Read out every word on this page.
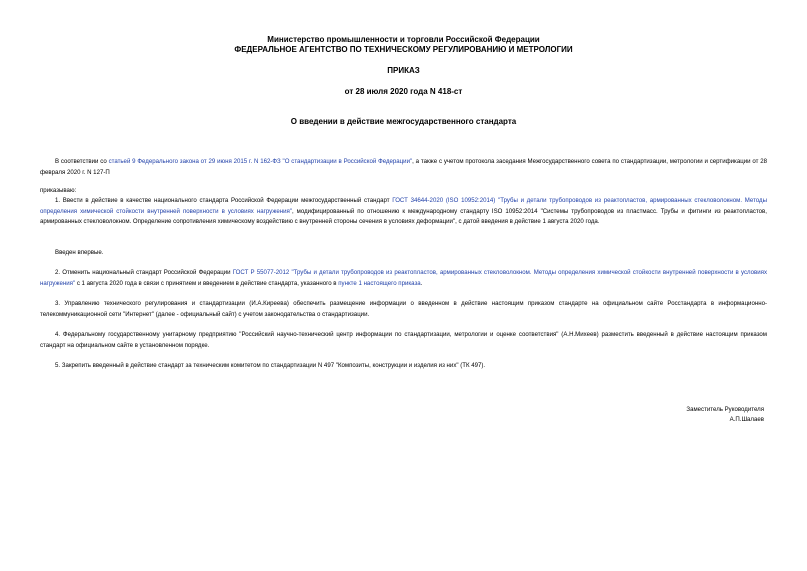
Министерство промышленности и торговли Российской Федерации
ФЕДЕРАЛЬНОЕ АГЕНТСТВО ПО ТЕХНИЧЕСКОМУ РЕГУЛИРОВАНИЮ И МЕТРОЛОГИИ
ПРИКАЗ
от 28 июля 2020 года N 418-ст
О введении в действие межгосударственного стандарта
В соответствии со статьей 9 Федерального закона от 29 июня 2015 г. N 162-ФЗ "О стандартизации в Российской Федерации", а также с учетом протокола заседания Межгосударственного совета по стандартизации, метрологии и сертификации от 28 февраля 2020 г. N 127-П
приказываю:
1. Ввести в действие в качестве национального стандарта Российской Федерации межгосударственный стандарт ГОСТ 34644-2020 (ISO 10952:2014) "Трубы и детали трубопроводов из реактопластов, армированных стекловолокном. Методы определения химической стойкости внутренней поверхности в условиях нагружения", модифицированный по отношению к международному стандарту ISO 10952:2014 "Системы трубопроводов из пластмасс. Трубы и фитинги из реактопластов, армированных стекловолокном. Определение сопротивления химическому воздействию с внутренней стороны сечения в условиях деформации", с датой введения в действие 1 августа 2020 года.
Введен впервые.
2. Отменить национальный стандарт Российской Федерации ГОСТ Р 55077-2012 "Трубы и детали трубопроводов из реактопластов, армированных стекловолокном. Методы определения химической стойкости внутренней поверхности в условиях нагружения" с 1 августа 2020 года в связи с принятием и введением в действие стандарта, указанного в пункте 1 настоящего приказа.
3. Управлению технического регулирования и стандартизации (И.А.Киреева) обеспечить размещение информации о введенном в действие настоящим приказом стандарте на официальном сайте Росстандарта в информационно-телекоммуникационной сети "Интернет" (далее - официальный сайт) с учетом законодательства о стандартизации.
4. Федеральному государственному унитарному предприятию "Российский научно-технический центр информации по стандартизации, метрологии и оценке соответствия" (А.Н.Михеев) разместить введенный в действие настоящим приказом стандарт на официальном сайте в установленном порядке.
5. Закрепить введенный в действие стандарт за техническим комитетом по стандартизации N 497 "Композиты, конструкции и изделия из них" (ТК 497).
Заместитель Руководителя
А.П.Шалаев
